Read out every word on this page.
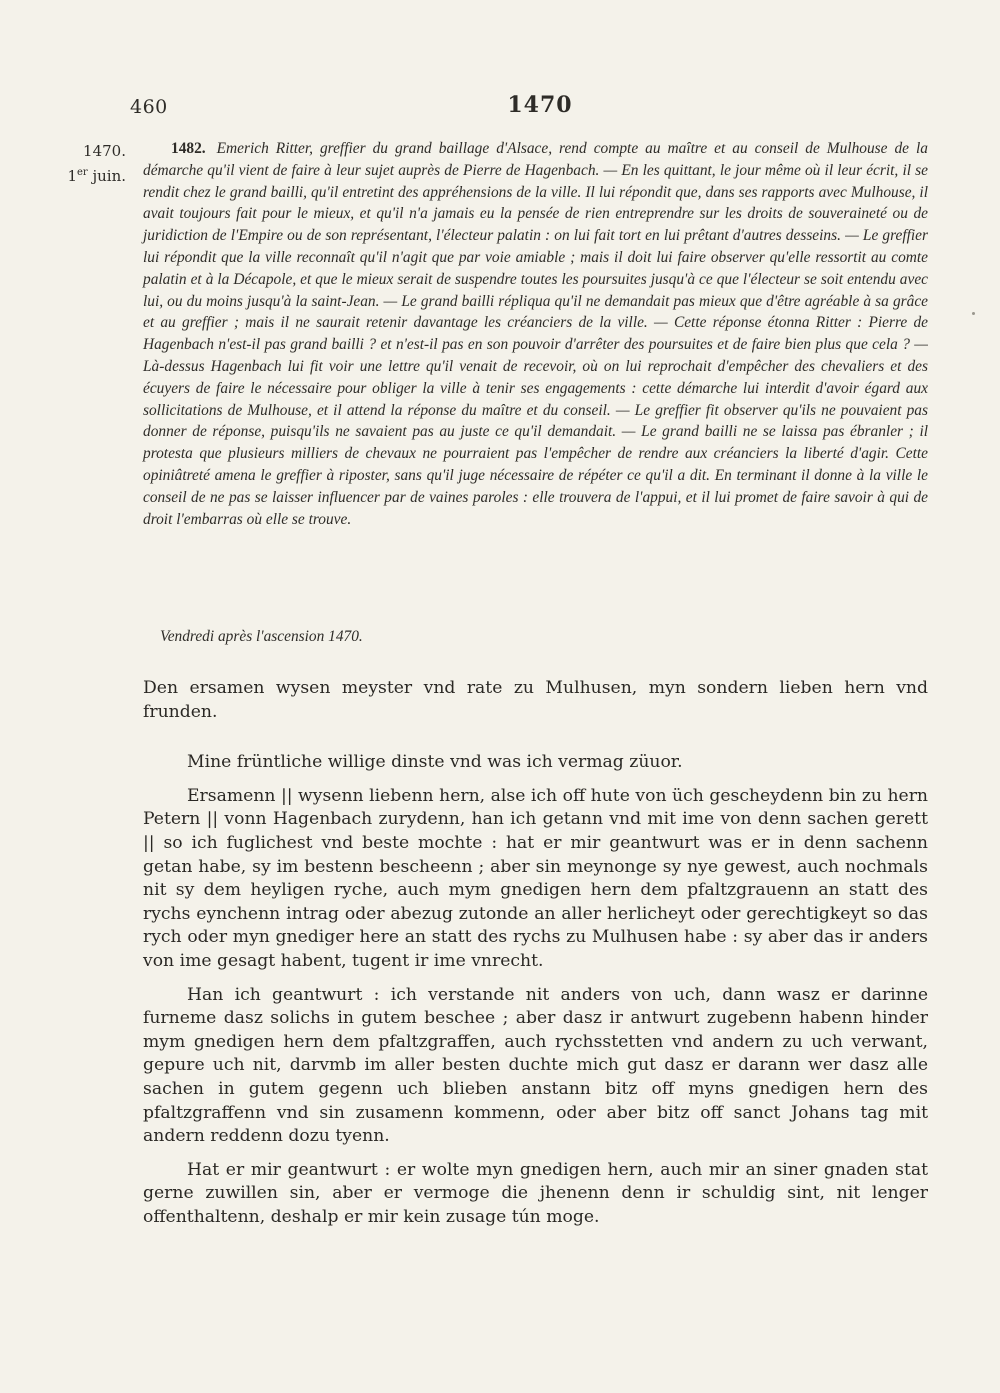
460	1470
1470.
1er juin.
1482. Emerich Ritter, greffier du grand baillage d'Alsace, rend compte au maître et au conseil de Mulhouse de la démarche qu'il vient de faire à leur sujet auprès de Pierre de Hagenbach. — En les quittant, le jour même où il leur écrit, il se rendit chez le grand bailli, qu'il entretint des appréhensions de la ville. Il lui répondit que, dans ses rapports avec Mulhouse, il avait toujours fait pour le mieux, et qu'il n'a jamais eu la pensée de rien entreprendre sur les droits de souveraineté ou de juridiction de l'Empire ou de son représentant, l'électeur palatin : on lui fait tort en lui prêtant d'autres desseins. — Le greffier lui répondit que la ville reconnaît qu'il n'agit que par voie amiable ; mais il doit lui faire observer qu'elle ressortit au comte palatin et à la Décapole, et que le mieux serait de suspendre toutes les poursuites jusqu'à ce que l'électeur se soit entendu avec lui, ou du moins jusqu'à la saint-Jean. — Le grand bailli répliqua qu'il ne demandait pas mieux que d'être agréable à sa grâce et au greffier ; mais il ne saurait retenir davantage les créanciers de la ville. — Cette réponse étonna Ritter : Pierre de Hagenbach n'est-il pas grand bailli ? et n'est-il pas en son pouvoir d'arrêter des poursuites et de faire bien plus que cela ? — Là-dessus Hagenbach lui fit voir une lettre qu'il venait de recevoir, où on lui reprochait d'empêcher des chevaliers et des écuyers de faire le nécessaire pour obliger la ville à tenir ses engagements : cette démarche lui interdit d'avoir égard aux sollicitations de Mulhouse, et il attend la réponse du maître et du conseil. — Le greffier fit observer qu'ils ne pouvaient pas donner de réponse, puisqu'ils ne savaient pas au juste ce qu'il demandait. — Le grand bailli ne se laissa pas ébranler ; il protesta que plusieurs milliers de chevaux ne pourraient pas l'empêcher de rendre aux créanciers la liberté d'agir. Cette opiniâtreté amena le greffier à riposter, sans qu'il juge nécessaire de répéter ce qu'il a dit. En terminant il donne à la ville le conseil de ne pas se laisser influencer par de vaines paroles : elle trouvera de l'appui, et il lui promet de faire savoir à qui de droit l'embarras où elle se trouve.
Vendredi après l'ascension 1470.

Den ersamen wysen meyster vnd rate zu Mulhusen, myn sondern lieben hern vnd frunden.

Mine früntliche willige dinste vnd was ich vermag züuor.

Ersamenn || wysenn liebenn hern, alse ich off hute von üch gescheydenn bin zu hern Petern || vonn Hagenbach zurydenn, han ich getann vnd mit ime von denn sachen gerett || so ich fuglichest vnd beste mochte : hat er mir geantwurt was er in denn sachenn getan habe, sy im bestenn bescheenn ; aber sin meynonge sy nye gewest, auch nochmals nit sy dem heyligen ryche, auch mym gnedigen hern dem pfaltzgrauenn an statt des rychs eynchenn intrag oder abezug zutonde an aller herlicheyt oder gerechtigkeyt so das rych oder myn gnediger here an statt des rychs zu Mulhusen habe : sy aber das ir anders von ime gesagt habent, tugent ir ime vnrecht.

Han ich geantwurt : ich verstande nit anders von uch, dann wasz er darinne furneme dasz solichs in gutem beschee ; aber dasz ir antwurt zugebenn habenn hinder mym gnedigen hern dem pfaltzgraffen, auch rychsstetten vnd andern zu uch verwant, gepure uch nit, darvmb im aller besten duchte mich gut dasz er darann wer dasz alle sachen in gutem gegenn uch blieben anstann bitz off myns gnedigen hern des pfaltzgraffenn vnd sin zusamenn kommenn, oder aber bitz off sanct Johans tag mit andern reddenn dozu tyenn.

Hat er mir geantwurt : er wolte myn gnedigen hern, auch mir an siner gnaden stat gerne zuwillen sin, aber er vermoge die jhenenn denn ir schuldig sint, nit lenger offenthaltenn, deshalp er mir kein zusage tún moge.
